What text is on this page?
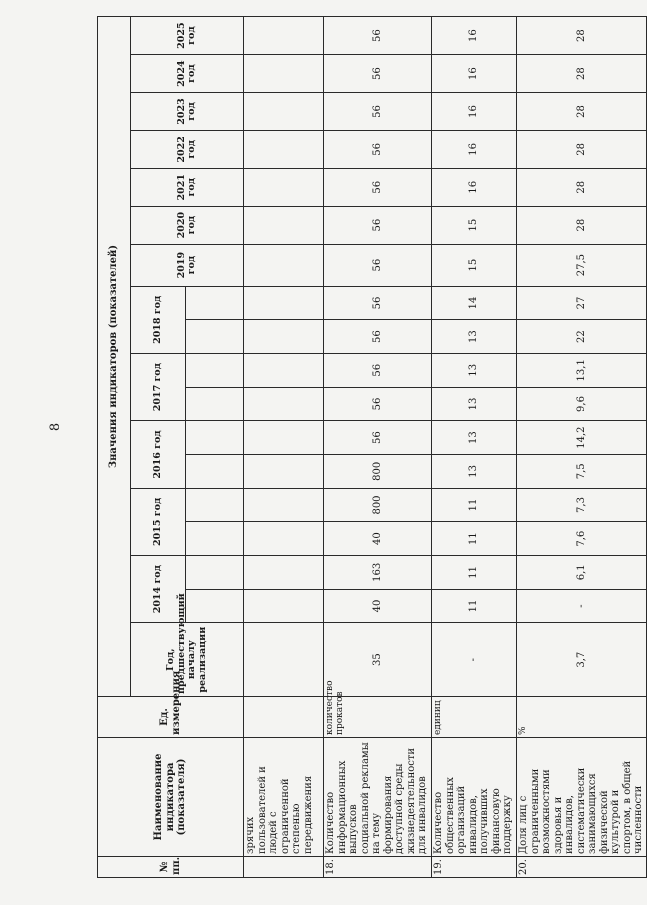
8
№ пп.	Наименование индикатора (показателя)	Ед. измерения	Значения индикаторов (показателей)																	
			Год, предшествующий началу реализации	2014 год		2015 год		2016 год		2017 год		2018 год		2019 год	2020 год	2021 год	2022 год	2023 год	2024 год	2025 год

	зрячих пользователей и людей с ограниченной степенью передвижения																			
18.	Количество информационных выпусков социальной рекламы на тему формирования доступной среды жизнедеятельности для инвалидов	количество прокатов	35	40	163	40	800	800	56	56	56	56	56	56	56	56	56	56	56	56
19.	Количество общественных организаций инвалидов, получивших финансовую поддержку	единиц	-	11	11	11	11	13	13	13	13	13	14	15	15	16	16	16	16	16
20.	Доля лиц с ограниченными возможностями здоровья и инвалидов, систематически занимающихся физической культурой и спортом, в общей численности	%	3,7	-	6,1	7,6	7,3	7,5	14,2	9,6	13,1	22	27	27,5	28	28	28	28	28	28
